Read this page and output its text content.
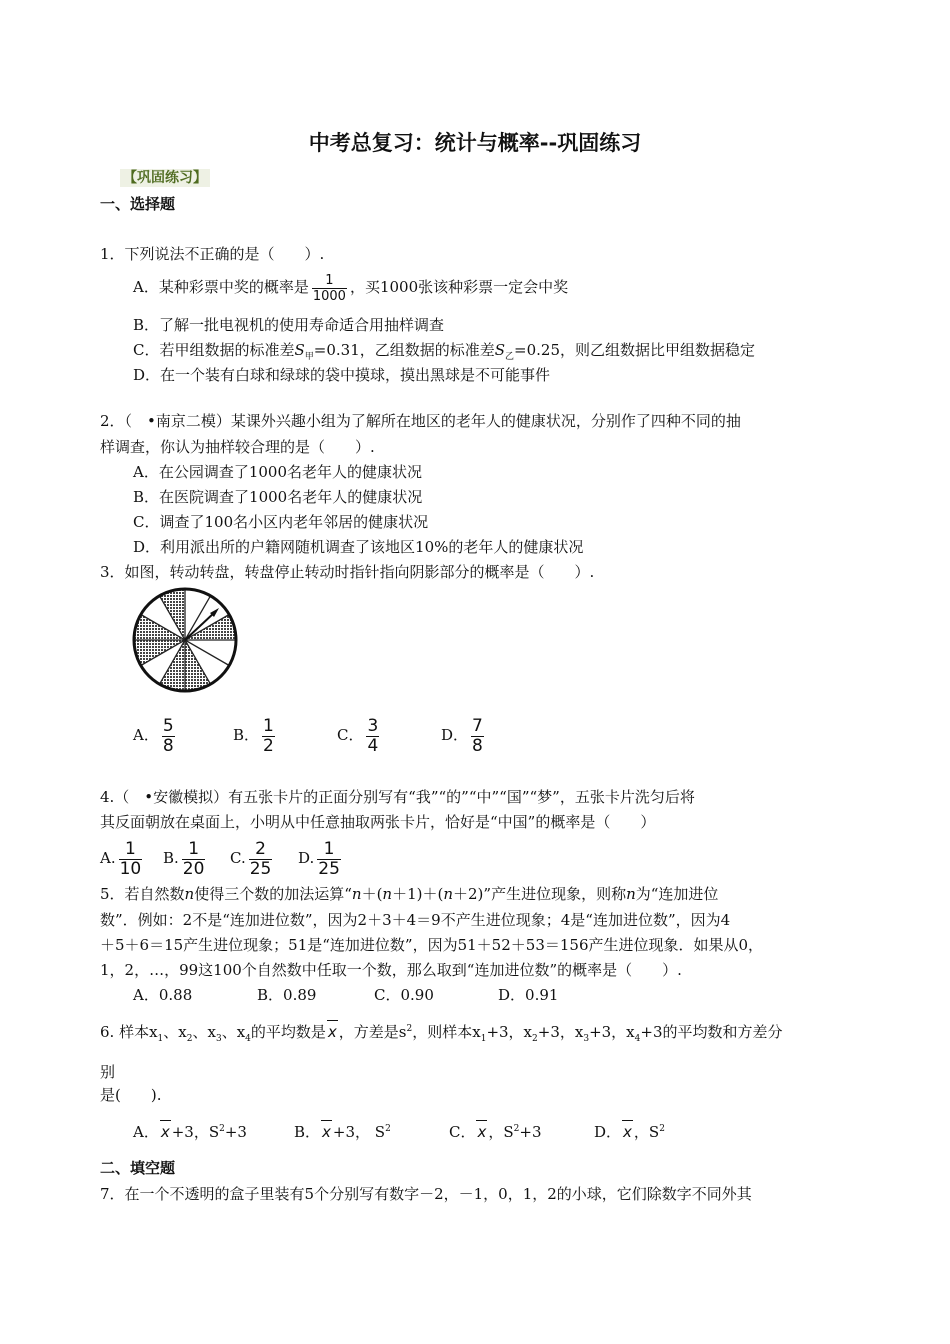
中考总复习：统计与概率--巩固练习
【巩固练习】
一、选择题
1．下列说法不正确的是（　　）.
A．某种彩票中奖的概率是 $\frac{1}{1000}$ ，买1000张该种彩票一定会中奖
B．了解一批电视机的使用寿命适合用抽样调查
C．若甲组数据的标准差$S_甲=0.31$，乙组数据的标准差$S_乙=0.25$，则乙组数据比甲组数据稳定
D．在一个装有白球和绿球的袋中摸球，摸出黑球是不可能事件
2．（　•南京二模）某课外兴趣小组为了解所在地区的老年人的健康状况，分别作了四种不同的抽
样调查，你认为抽样较合理的是（　　）.
A．在公园调查了1000名老年人的健康状况
B．在医院调查了1000名老年人的健康状况
C．调查了100名小区内老年邻居的健康状况
D．利用派出所的户籍网随机调查了该地区10%的老年人的健康状况
3．如图，转动转盘，转盘停止转动时指针指向阴影部分的概率是（　　）.
A． $\frac{5}{8}$	B． $\frac{1}{2}$	C． $\frac{3}{4}$	D． $\frac{7}{8}$
4.（　•安徽模拟）有五张卡片的正面分别写有“我”“的”“中”“国”“梦”，五张卡片洗匀后将
其反面朝放在桌面上，小明从中任意抽取两张卡片，恰好是“中国”的概率是（　　）
A. $\frac{1}{10} B$. $\frac{1}{20} C$. $\frac{2}{25} D$. $\frac{1}{25}$
5．若自然数n使得三个数的加法运算“n＋(n＋1)＋(n＋2)”产生进位现象，则称n为“连加进位
数”．例如：2不是“连加进位数”，因为2＋3＋4＝9不产生进位现象；4是“连加进位数”，因为4
＋5＋6＝15产生进位现象；51是“连加进位数”，因为51＋52＋53＝156产生进位现象．如果从0，
1，2，…，99这100个自然数中任取一个数，那么取到“连加进位数”的概率是（　　）.
A．0.88	B．0.89	C．0.90	D．0.91
6. 样本$x_1$、$x_2$、$x_3$、$x_4$的平均数是 x ，方差是$s^2$，则样本$x_1+3$，$x_2+3$，$x_3+3$，$x_4+3$的平均数和方差分
别
是(　　).
A． x +3，$S^2+3$	B． x +3， $S^2$	C． x ，$S^2+3$	D． x ，$S^2$
二、填空题
7．在一个不透明的盒子里装有5个分别写有数字－2，－1，0，1，2的小球，它们除数字不同外其
